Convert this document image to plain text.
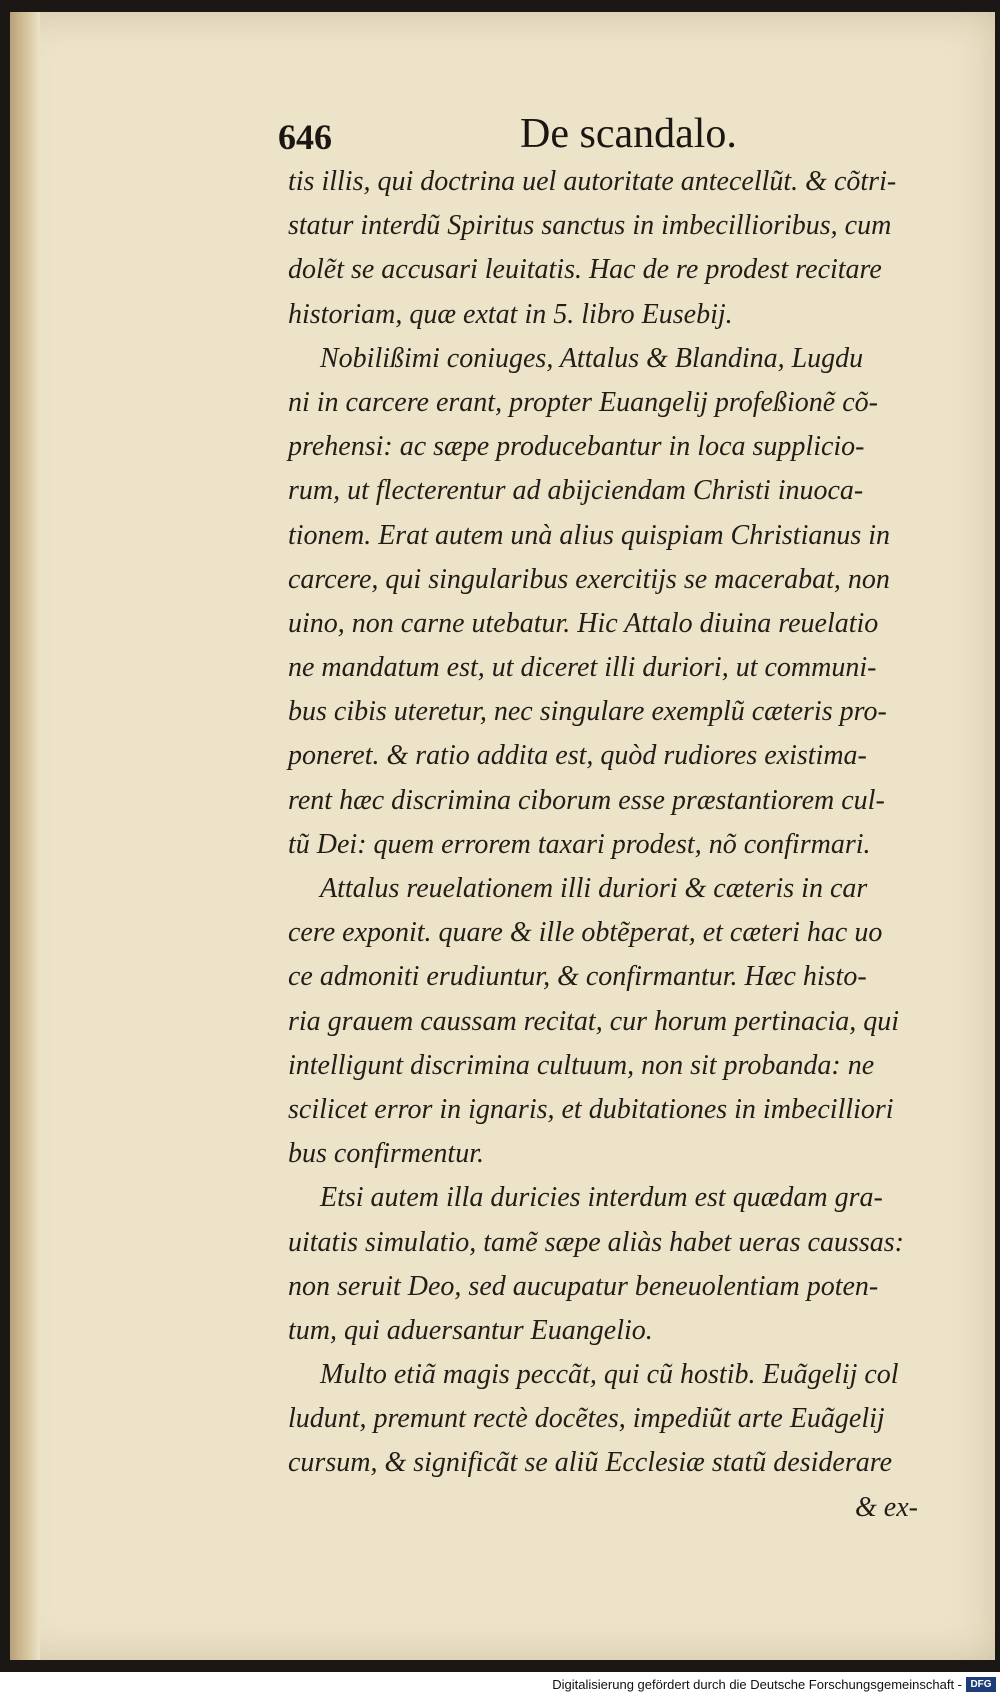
646	De scandalo.
tis illis, qui doctrina uel autoritate antecellũt. & cõtri-
statur interdũ Spiritus sanctus in imbecillioribus, cum
dolẽt se accusari leuitatis. Hac de re prodest recitare
historiam, quæ extat in 5. libro Eusebij.
Nobilißimi coniuges, Attalus & Blandina, Lugdu
ni in carcere erant, propter Euangelij profeßionẽ cõ-
prehensi: ac sæpe producebantur in loca supplicio-
rum, ut flecterentur ad abijciendam Christi inuoca-
tionem. Erat autem unà alius quispiam Christianus in
carcere, qui singularibus exercitijs se macerabat, non
uino, non carne utebatur. Hic Attalo diuina reuelatio
ne mandatum est, ut diceret illi duriori, ut communi-
bus cibis uteretur, nec singulare exemplũ cæteris pro-
poneret. & ratio addita est, quòd rudiores existima-
rent hæc discrimina ciborum esse præstantiorem cul-
tũ Dei: quem errorem taxari prodest, nõ confirmari.
Attalus reuelationem illi duriori & cæteris in car
cere exponit. quare & ille obtẽperat, et cæteri hac uo
ce admoniti erudiuntur, & confirmantur. Hæc histo-
ria grauem caussam recitat, cur horum pertinacia, qui
intelligunt discrimina cultuum, non sit probanda: ne
scilicet error in ignaris, et dubitationes in imbecilliori
bus confirmentur.
Etsi autem illa duricies interdum est quædam gra-
uitatis simulatio, tamẽ sæpe aliàs habet ueras caussas:
non seruit Deo, sed aucupatur beneuolentiam poten-
tum, qui aduersantur Euangelio.
Multo etiã magis peccãt, qui cũ hostib. Euãgelij col
ludunt, premunt rectè docẽtes, impediũt arte Euãgelij
cursum, & significãt se aliũ Ecclesiæ statũ desiderare
& ex-
Digitalisierung gefördert durch die Deutsche Forschungsgemeinschaft - DFG
